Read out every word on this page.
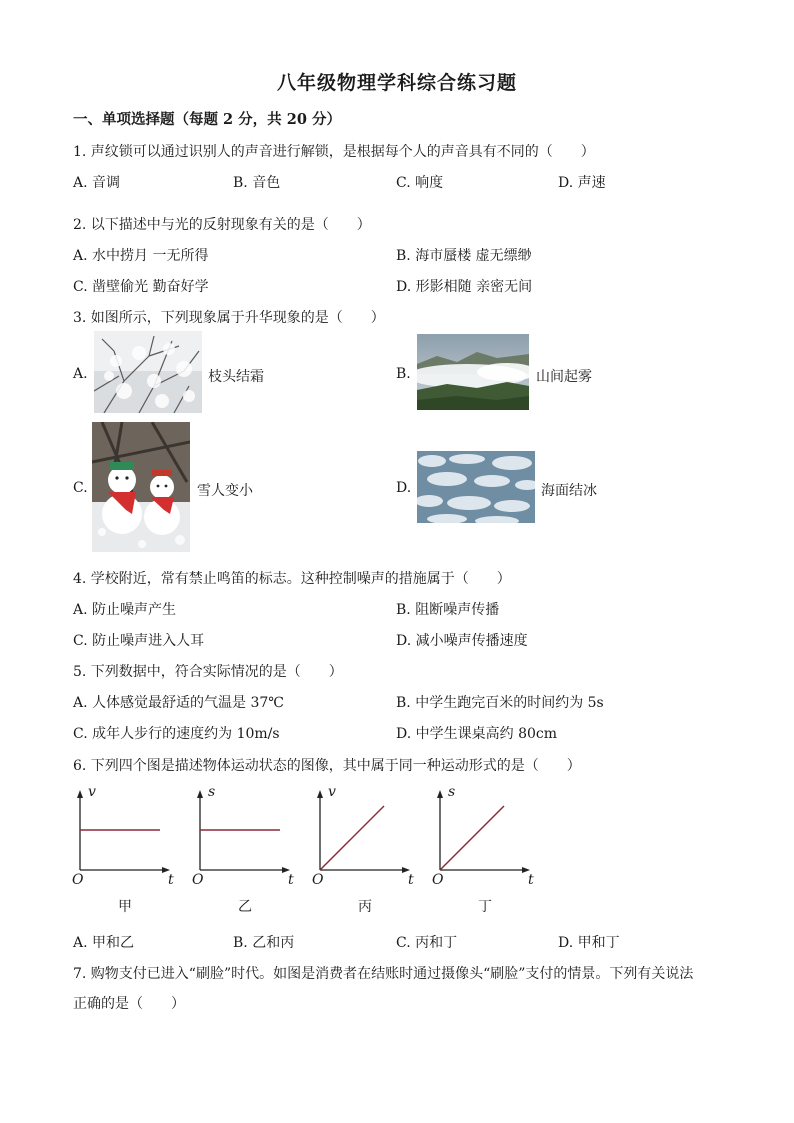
八年级物理学科综合练习题
一、单项选择题（每题 2 分，共 20 分）
1. 声纹锁可以通过识别人的声音进行解锁，是根据每个人的声音具有不同的（　　）
A. 音调	B. 音色	C. 响度	D. 声速
2. 以下描述中与光的反射现象有关的是（　　）
A. 水中捞月 一无所得	B. 海市蜃楼 虚无缥缈
C. 凿壁偷光 勤奋好学	D. 形影相随 亲密无间
3. 如图所示，下列现象属于升华现象的是（　　）
A.	枝头结霜	B.	山间起雾
C.	雪人变小	D.	海面结冰
4. 学校附近，常有禁止鸣笛的标志。这种控制噪声的措施属于（　　）
A. 防止噪声产生	B. 阻断噪声传播
C. 防止噪声进入人耳	D. 减小噪声传播速度
5. 下列数据中，符合实际情况的是（　　）
A. 人体感觉最舒适的气温是 37℃	B. 中学生跑完百米的时间约为 5s
C. 成年人步行的速度约为 10m/s	D. 中学生课桌高约 80cm
6. 下列四个图是描述物体运动状态的图像，其中属于同一种运动形式的是（　　）
v
t
O
甲
s
t
O
乙
v
t
O
丙
s
t
O
丁
A. 甲和乙	B. 乙和丙	C. 丙和丁	D. 甲和丁
7. 购物支付已进入“刷脸”时代。如图是消费者在结账时通过摄像头“刷脸”支付的情景。下列有关说法
正确的是（　　）
